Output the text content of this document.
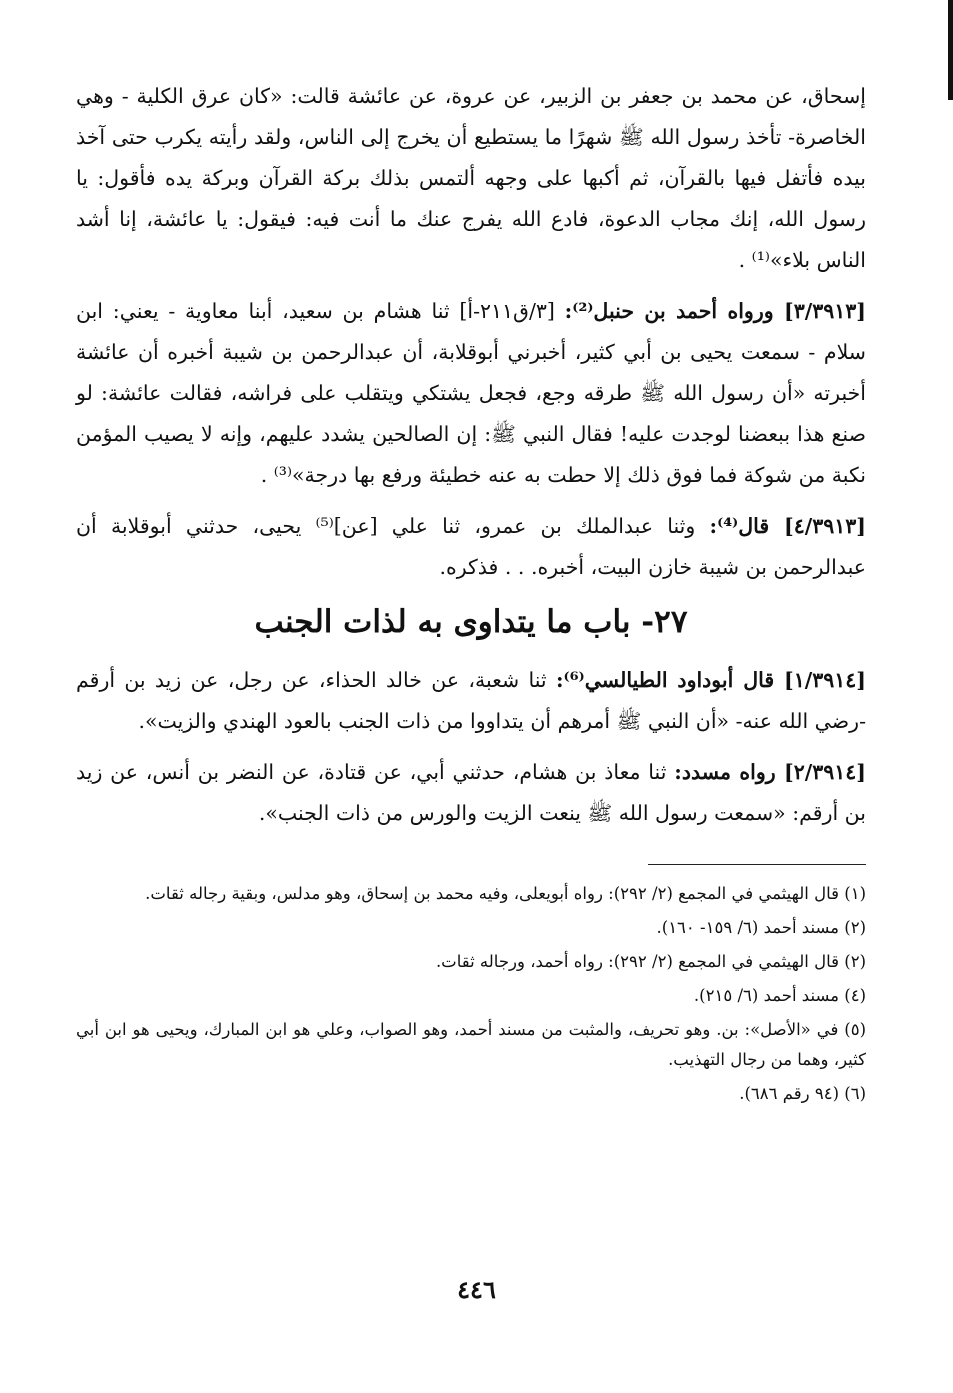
إسحاق، عن محمد بن جعفر بن الزبير، عن عروة، عن عائشة قالت: «كان عرق الكلية - وهي الخاصرة- تأخذ رسول الله ﷺ شهرًا ما يستطيع أن يخرج إلى الناس، ولقد رأيته يكرب حتى آخذ بيده فأتفل فيها بالقرآن، ثم أكبها على وجهه ألتمس بذلك بركة القرآن وبركة يده فأقول: يا رسول الله، إنك مجاب الدعوة، فادع الله يفرج عنك ما أنت فيه: فيقول: يا عائشة، إنا أشد الناس بلاء»⁽¹⁾ .

[٣/٣٩١٣] ورواه أحمد بن حنبل⁽²⁾: [٣/ق٢١١-أ] ثنا هشام بن سعيد، أبنا معاوية - يعني: ابن سلام - سمعت يحيى بن أبي كثير، أخبرني أبوقلابة، أن عبدالرحمن بن شيبة أخبره أن عائشة أخبرته «أن رسول الله ﷺ طرقه وجع، فجعل يشتكي ويتقلب على فراشه، فقالت عائشة: لو صنع هذا ببعضنا لوجدت عليه! فقال النبي ﷺ: إن الصالحين يشدد عليهم، وإنه لا يصيب المؤمن نكبة من شوكة فما فوق ذلك إلا حطت به عنه خطيئة ورفع بها درجة»⁽³⁾ .

[٤/٣٩١٣] قال⁽⁴⁾: وثنا عبدالملك بن عمرو، ثنا علي [عن]⁽⁵⁾ يحيى، حدثني أبوقلابة أن عبدالرحمن بن شيبة خازن البيت، أخبره. . . فذكره.

٢٧- باب ما يتداوى به لذات الجنب

[١/٣٩١٤] قال أبوداود الطيالسي⁽⁶⁾: ثنا شعبة، عن خالد الحذاء، عن رجل، عن زيد بن أرقم -رضي الله عنه- «أن النبي ﷺ أمرهم أن يتداووا من ذات الجنب بالعود الهندي والزيت».

[٢/٣٩١٤] رواه مسدد: ثنا معاذ بن هشام، حدثني أبي، عن قتادة، عن النضر بن أنس، عن زيد بن أرقم: «سمعت رسول الله ﷺ ينعت الزيت والورس من ذات الجنب».

(١) قال الهيثمي في المجمع (٢/ ٢٩٢): رواه أبويعلى، وفيه محمد بن إسحاق، وهو مدلس، وبقية رجاله ثقات.
(٢) مسند أحمد (٦/ ١٥٩- ١٦٠).
(٢) قال الهيثمي في المجمع (٢/ ٢٩٢): رواه أحمد، ورجاله ثقات.
(٤) مسند أحمد (٦/ ٢١٥).
(٥) في «الأصل»: بن. وهو تحريف، والمثبت من مسند أحمد، وهو الصواب، وعلي هو ابن المبارك، ويحيى هو ابن أبي كثير، وهما من رجال التهذيب.
(٦) (٩٤ رقم ٦٨٦).
٤٤٦
